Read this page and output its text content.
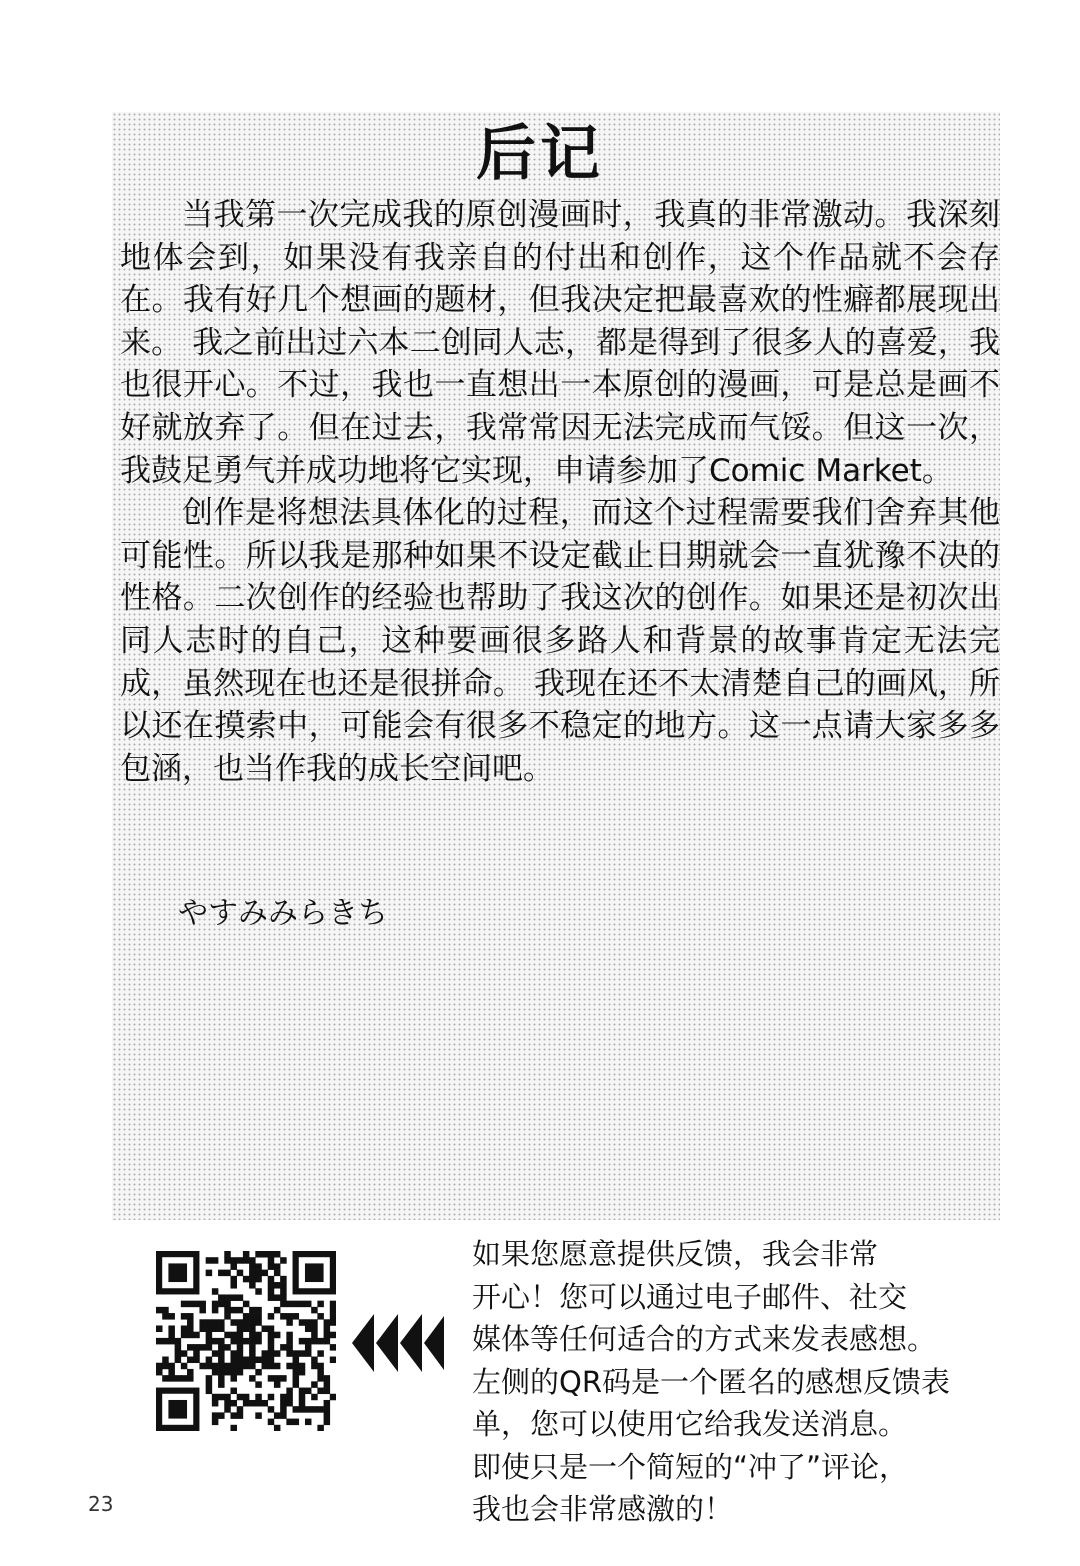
后记

当我第一次完成我的原创漫画时，我真的非常激动。我深刻地体会到，如果没有我亲自的付出和创作，这个作品就不会存在。我有好几个想画的题材，但我决定把最喜欢的性癖都展现出来。 我之前出过六本二创同人志，都是得到了很多人的喜爱，我也很开心。不过，我也一直想出一本原创的漫画，可是总是画不好就放弃了。但在过去，我常常因无法完成而气馁。但这一次，我鼓足勇气并成功地将它实现，申请参加了Comic Market。

创作是将想法具体化的过程，而这个过程需要我们舍弃其他可能性。所以我是那种如果不设定截止日期就会一直犹豫不决的性格。二次创作的经验也帮助了我这次的创作。如果还是初次出同人志时的自己，这种要画很多路人和背景的故事肯定无法完成，虽然现在也还是很拼命。 我现在还不太清楚自己的画风，所以还在摸索中，可能会有很多不稳定的地方。这一点请大家多多包涵，也当作我的成长空间吧。

やすみみらきち
如果您愿意提供反馈，我会非常
开心！您可以通过电子邮件、社交
媒体等任何适合的方式来发表感想。
左侧的QR码是一个匿名的感想反馈表
单，您可以使用它给我发送消息。
即使只是一个简短的“冲了”评论，
我也会非常感激的！
23
